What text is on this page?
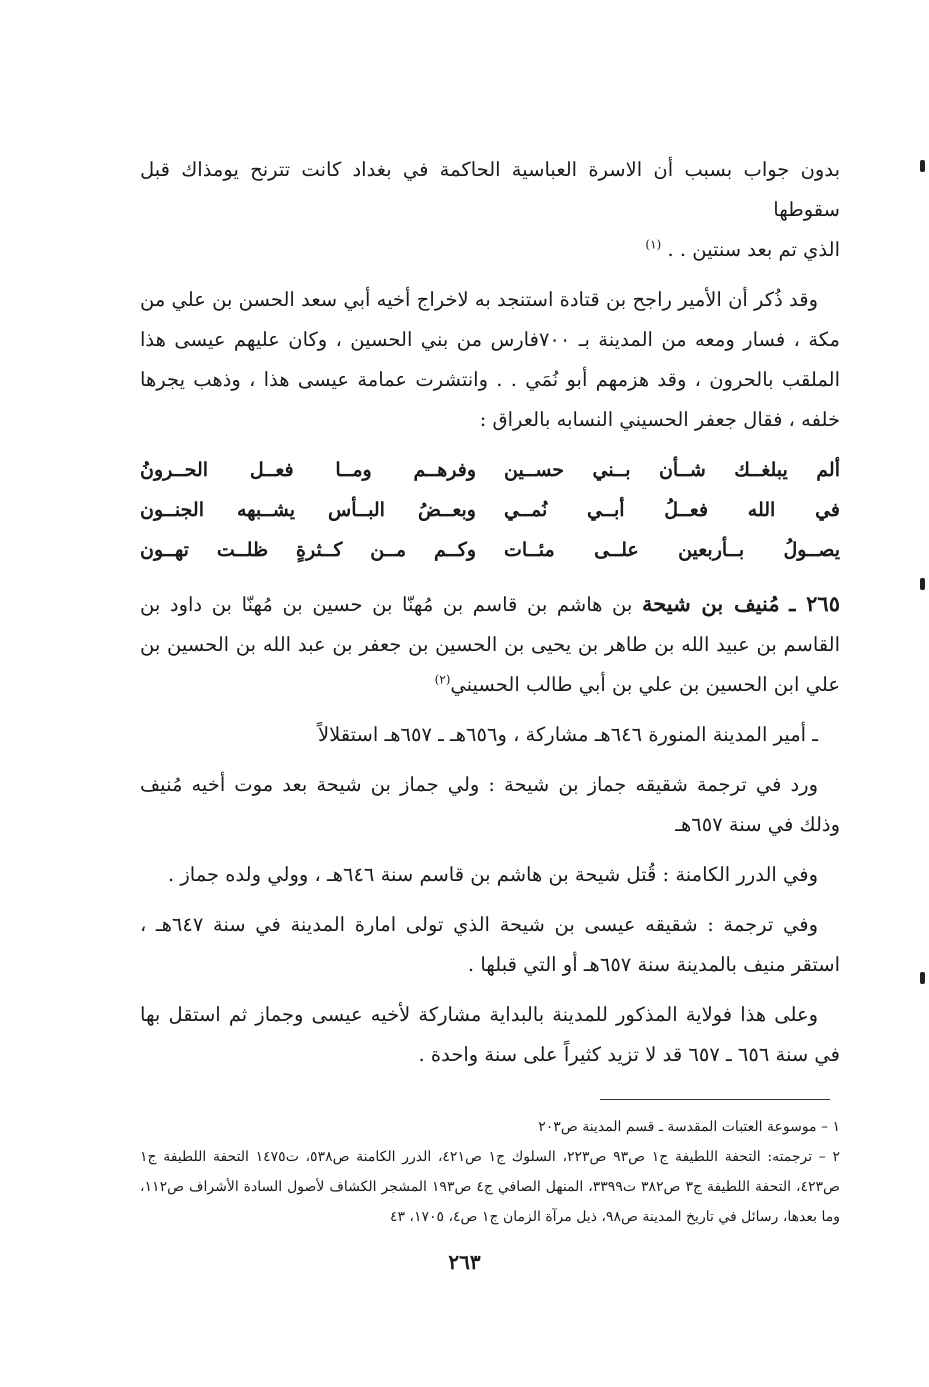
بدون جواب بسبب أن الاسرة العباسية الحاكمة في بغداد كانت تترنح يومذاك قبل سقوطها
الذي تم بعد سنتين . . $^{(١)}$

وقد ذُكر أن الأمير راجح بن قتادة استنجد به لاخراج أخيه أبي سعد الحسن بن علي من مكة ، فسار ومعه من المدينة بـ ٧٠٠فارس من بني الحسين ، وكان عليهم عيسى هذا الملقب بالحرون ، وقد هزمهم أبو نُمَي . . وانتشرت عمامة عيسى هذا ، وذهب يجرها خلفه ، فقال جعفر الحسيني النسابه بالعراق :

ألم يبلغــك شــأن بــني حســين
وفرهــم ومــا فعــل الحــرونُ
في الله فعــلُ أبــي نُمــي
وبعــضُ البــأس يشــبهه الجنــون
يصــولُ بــأربعين علــى مئــات
وكــم مــن كــثرةٍ ظلــت تهــون

٢٦٥ ـ مُنيف بن شيحة بن هاشم بن قاسم بن مُهنّا بن حسين بن مُهنّا بن داود بن القاسم بن عبيد الله بن طاهر بن يحيى بن الحسين بن جعفر بن عبد الله بن الحسين بن علي ابن الحسين بن علي بن أبي طالب الحسيني$^{(٢)}$

ـ أمير المدينة المنورة ٦٤٦هـ مشاركة ، و٦٥٦هـ ـ ٦٥٧هـ استقلالاً

ورد في ترجمة شقيقه جماز بن شيحة : ولي جماز بن شيحة بعد موت أخيه مُنيف وذلك في سنة ٦٥٧هـ

وفي الدرر الكامنة : قُتل شيحة بن هاشم بن قاسم سنة ٦٤٦هـ ، وولي ولده جماز .

وفي ترجمة : شقيقه عيسى بن شيحة الذي تولى امارة المدينة في سنة ٦٤٧هـ ، استقر منيف بالمدينة سنة ٦٥٧هـ أو التي قبلها .

وعلى هذا فولاية المذكور للمدينة بالبداية مشاركة لأخيه عيسى وجماز ثم استقل بها في سنة ٦٥٦ ـ ٦٥٧ قد لا تزيد كثيراً على سنة واحدة .

١ – موسوعة العتبات المقدسة ـ قسم المدينة ص٢٠٣

٢ – ترجمته: التحفة اللطيفة ج١ ص٩٣ ص٢٢٣، السلوك ج١ ص٤٢١، الدرر الكامنة ص٥٣٨، ت١٤٧٥ التحفة اللطيفة ج١ ص٤٢٣، التحفة اللطيفة ج٣ ص٣٨٢ ت٣٣٩٩، المنهل الصافي ج٤ ص١٩٣ المشجر الكشاف لأصول السادة الأشراف ص١١٢، وما بعدها، رسائل في تاريخ المدينة ص٩٨، ذيل مرآة الزمان ج١ ص٤، ١٧٠٥، ٤٣

٢٦٣
